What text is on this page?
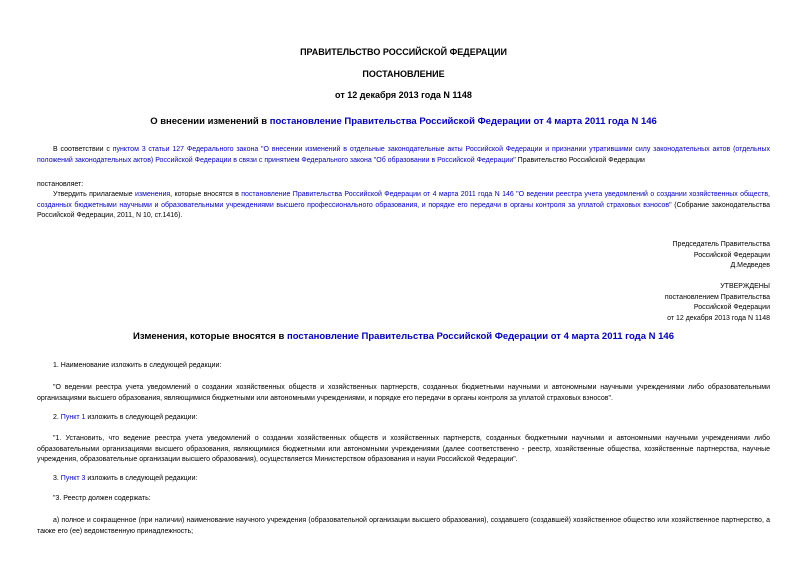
ПРАВИТЕЛЬСТВО РОССИЙСКОЙ ФЕДЕРАЦИИ
ПОСТАНОВЛЕНИЕ
от 12 декабря 2013 года N 1148
О внесении изменений в постановление Правительства Российской Федерации от 4 марта 2011 года N 146
В соответствии с пунктом 3 статьи 127 Федерального закона "О внесении изменений в отдельные законодательные акты Российской Федерации и признании утратившими силу законодательных актов (отдельных положений законодательных актов) Российской Федерации в связи с принятием Федерального закона "Об образовании в Российской Федерации" Правительство Российской Федерации
постановляет:
Утвердить прилагаемые изменения, которые вносятся в постановление Правительства Российской Федерации от 4 марта 2011 года N 146 "О ведении реестра учета уведомлений о создании хозяйственных обществ, созданных бюджетными научными и образовательными учреждениями высшего профессионального образования, и порядке его передачи в органы контроля за уплатой страховых взносов" (Собрание законодательства Российской Федерации, 2011, N 10, ст.1416).
Председатель Правительства
Российской Федерации
Д.Медведев
УТВЕРЖДЕНЫ
постановлением Правительства
Российской Федерации
от 12 декабря 2013 года N 1148
Изменения, которые вносятся в постановление Правительства Российской Федерации от 4 марта 2011 года N 146
1. Наименование изложить в следующей редакции:
"О ведении реестра учета уведомлений о создании хозяйственных обществ и хозяйственных партнерств, созданных бюджетными научными и автономными научными учреждениями либо образовательными организациями высшего образования, являющимися бюджетными или автономными учреждениями, и порядке его передачи в органы контроля за уплатой страховых взносов".
2. Пункт 1 изложить в следующей редакции:
"1. Установить, что ведение реестра учета уведомлений о создании хозяйственных обществ и хозяйственных партнерств, созданных бюджетными научными и автономными научными учреждениями либо образовательными организациями высшего образования, являющимися бюджетными или автономными учреждениями (далее соответственно - реестр, хозяйственные общества, хозяйственные партнерства, научные учреждения, образовательные организации высшего образования), осуществляется Министерством образования и науки Российской Федерации".
3. Пункт 3 изложить в следующей редакции:
"3. Реестр должен содержать:
а) полное и сокращенное (при наличии) наименование научного учреждения (образовательной организации высшего образования), создавшего (создавшей) хозяйственное общество или хозяйственное партнерство, а также его (ее) ведомственную принадлежность;
